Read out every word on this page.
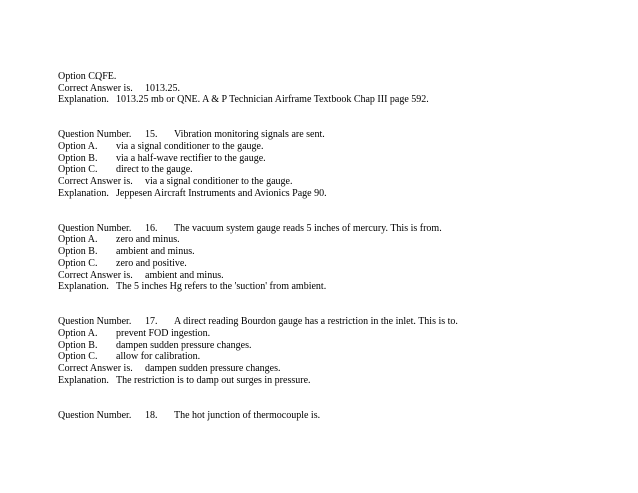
Option C.QFE.
Correct Answer is. 1013.25.
Explanation. 1013.25 mb or QNE. A & P Technician Airframe Textbook Chap III page 592.
Question Number. 15. Vibration monitoring signals are sent.
Option A. via a signal conditioner to the gauge.
Option B. via a half-wave rectifier to the gauge.
Option C. direct to the gauge.
Correct Answer is. via a signal conditioner to the gauge.
Explanation. Jeppesen Aircraft Instruments and Avionics Page 90.
Question Number. 16. The vacuum system gauge reads 5 inches of mercury. This is from.
Option A. zero and minus.
Option B. ambient and minus.
Option C. zero and positive.
Correct Answer is. ambient and minus.
Explanation. The 5 inches Hg refers to the 'suction' from ambient.
Question Number. 17. A direct reading Bourdon gauge has a restriction in the inlet. This is to.
Option A. prevent FOD ingestion.
Option B. dampen sudden pressure changes.
Option C. allow for calibration.
Correct Answer is. dampen sudden pressure changes.
Explanation. The restriction is to damp out surges in pressure.
Question Number. 18. The hot junction of thermocouple is.
